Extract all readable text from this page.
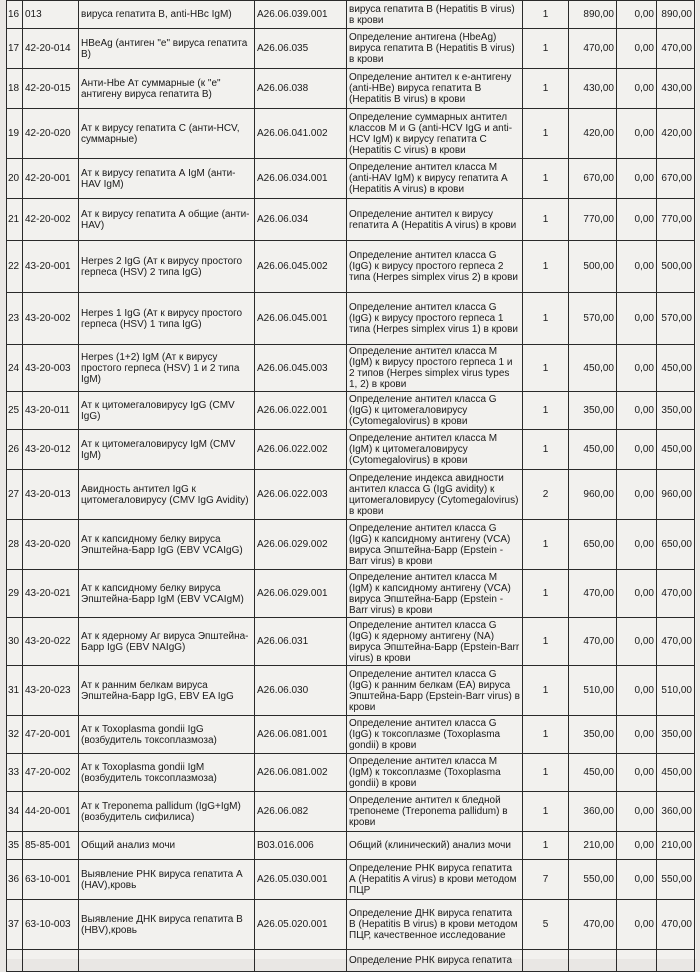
16	013	вируса гепатита В, anti-HBc IgM)	A26.06.039.001	вируса гепатита В (Hepatitis B virus) в крови	1	890,00	0,00	890,00
17	42-20-014	HBeAg (антиген "е" вируса гепатита В)	A26.06.035	Определение антигена (HbeAg) вируса гепатита В (Hepatitis B virus) в крови	1	470,00	0,00	470,00
18	42-20-015	Анти-Hbe Ат суммарные (к "е" антигену вируса гепатита В)	A26.06.038	Определение антител к е-антигену (anti-HBe) вируса гепатита В (Hepatitis B virus) в крови	1	430,00	0,00	430,00
19	42-20-020	Ат к вирусу гепатита С (анти-HCV, суммарные)	A26.06.041.002	Определение суммарных антител классов M и G (anti-HCV IgG и anti-HCV IgM) к вирусу гепатита С (Hepatitis C virus) в крови	1	420,00	0,00	420,00
20	42-20-001	Ат к вирусу гепатита А IgM (анти-HAV IgM)	A26.06.034.001	Определение антител класса M (anti-HAV IgM) к вирусу гепатита А (Hepatitis A virus) в крови	1	670,00	0,00	670,00
21	42-20-002	Ат к вирусу гепатита А общие (анти-HAV)	A26.06.034	Определение антител к вирусу гепатита А (Hepatitis A virus) в крови	1	770,00	0,00	770,00
22	43-20-001	Herpes 2 IgG (Ат к вирусу простого герпеса (HSV) 2 типа IgG)	A26.06.045.002	Определение антител класса G (IgG) к вирусу простого герпеса 2 типа (Herpes simplex virus 2) в крови	1	500,00	0,00	500,00
23	43-20-002	Herpes 1 IgG (Ат к вирусу простого герпеса (HSV) 1 типа IgG)	A26.06.045.001	Определение антител класса G (IgG) к вирусу простого герпеса 1 типа (Herpes simplex virus 1) в крови	1	570,00	0,00	570,00
24	43-20-003	Herpes (1+2) IgM (Ат к вирусу простого герпеса (HSV) 1 и 2 типа IgM)	A26.06.045.003	Определение антител класса M (IgM) к вирусу простого герпеса 1 и 2 типов (Herpes simplex virus types 1, 2) в крови	1	450,00	0,00	450,00
25	43-20-011	Ат к цитомегаловирусу IgG (CMV IgG)	A26.06.022.001	Определение антител класса G (IgG) к цитомегаловирусу (Cytomegalovirus) в крови	1	350,00	0,00	350,00
26	43-20-012	Ат к цитомегаловирусу IgM (CMV IgM)	A26.06.022.002	Определение антител класса M (IgM) к цитомегаловирусу (Cytomegalovirus) в крови	1	450,00	0,00	450,00
27	43-20-013	Авидность антител IgG к цитомегаловирусу (CMV IgG Avidity)	A26.06.022.003	Определение индекса авидности антител класса G (IgG avidity) к цитомегаловирусу (Cytomegalovirus) в крови	2	960,00	0,00	960,00
28	43-20-020	Ат к капсидному белку вируса Эпштейна-Барр IgG (EBV VCAIgG)	A26.06.029.002	Определение антител класса G (IgG) к капсидному антигену (VCA) вируса Эпштейна-Барр (Epstein - Barr virus) в крови	1	650,00	0,00	650,00
29	43-20-021	Ат к капсидному белку вируса Эпштейна-Барр IgM (EBV VCAIgM)	A26.06.029.001	Определение антител класса M (IgM) к капсидному антигену (VCA) вируса Эпштейна-Барр (Epstein - Barr virus) в крови	1	470,00	0,00	470,00
30	43-20-022	Ат к ядерному Аг вируса Эпштейна-Барр IgG (EBV NAIgG)	A26.06.031	Определение антител класса G (IgG) к ядерному антигену (NA) вируса Эпштейна-Барр (Epstein-Barr virus) в крови	1	470,00	0,00	470,00
31	43-20-023	Ат к ранним белкам вируса Эпштейна-Барр IgG, EBV EA IgG	A26.06.030	Определение антител класса G (IgG) к ранним белкам (EA) вируса Эпштейна-Барр (Epstein-Barr virus) в крови	1	510,00	0,00	510,00
32	47-20-001	Ат к Toxoplasma gondii IgG (возбудитель токсоплазмоза)	A26.06.081.001	Определение антител класса G (IgG) к токсоплазме (Toxoplasma gondii) в крови	1	350,00	0,00	350,00
33	47-20-002	Ат к Toxoplasma gondii IgM (возбудитель токсоплазмоза)	A26.06.081.002	Определение антител класса M (IgM) к токсоплазме (Toxoplasma gondii) в крови	1	450,00	0,00	450,00
34	44-20-001	Ат к Treponema pallidum (IgG+IgM) (возбудитель сифилиса)	A26.06.082	Определение антител к бледной трепонеме (Treponema pallidum) в крови	1	360,00	0,00	360,00
35	85-85-001	Общий анализ мочи	B03.016.006	Общий (клинический) анализ мочи	1	210,00	0,00	210,00
36	63-10-001	Выявление РНК вируса гепатита А (HAV),кровь	A26.05.030.001	Определение РНК вируса гепатита А (Hepatitis A virus) в крови методом ПЦР	7	550,00	0,00	550,00
37	63-10-003	Выявление ДНК вируса гепатита В (HBV),кровь	A26.05.020.001	Определение ДНК вируса гепатита В (Hepatitis B virus) в крови методом ПЦР, качественное исследование	5	470,00	0,00	470,00
				Определение РНК вируса гепатита				
